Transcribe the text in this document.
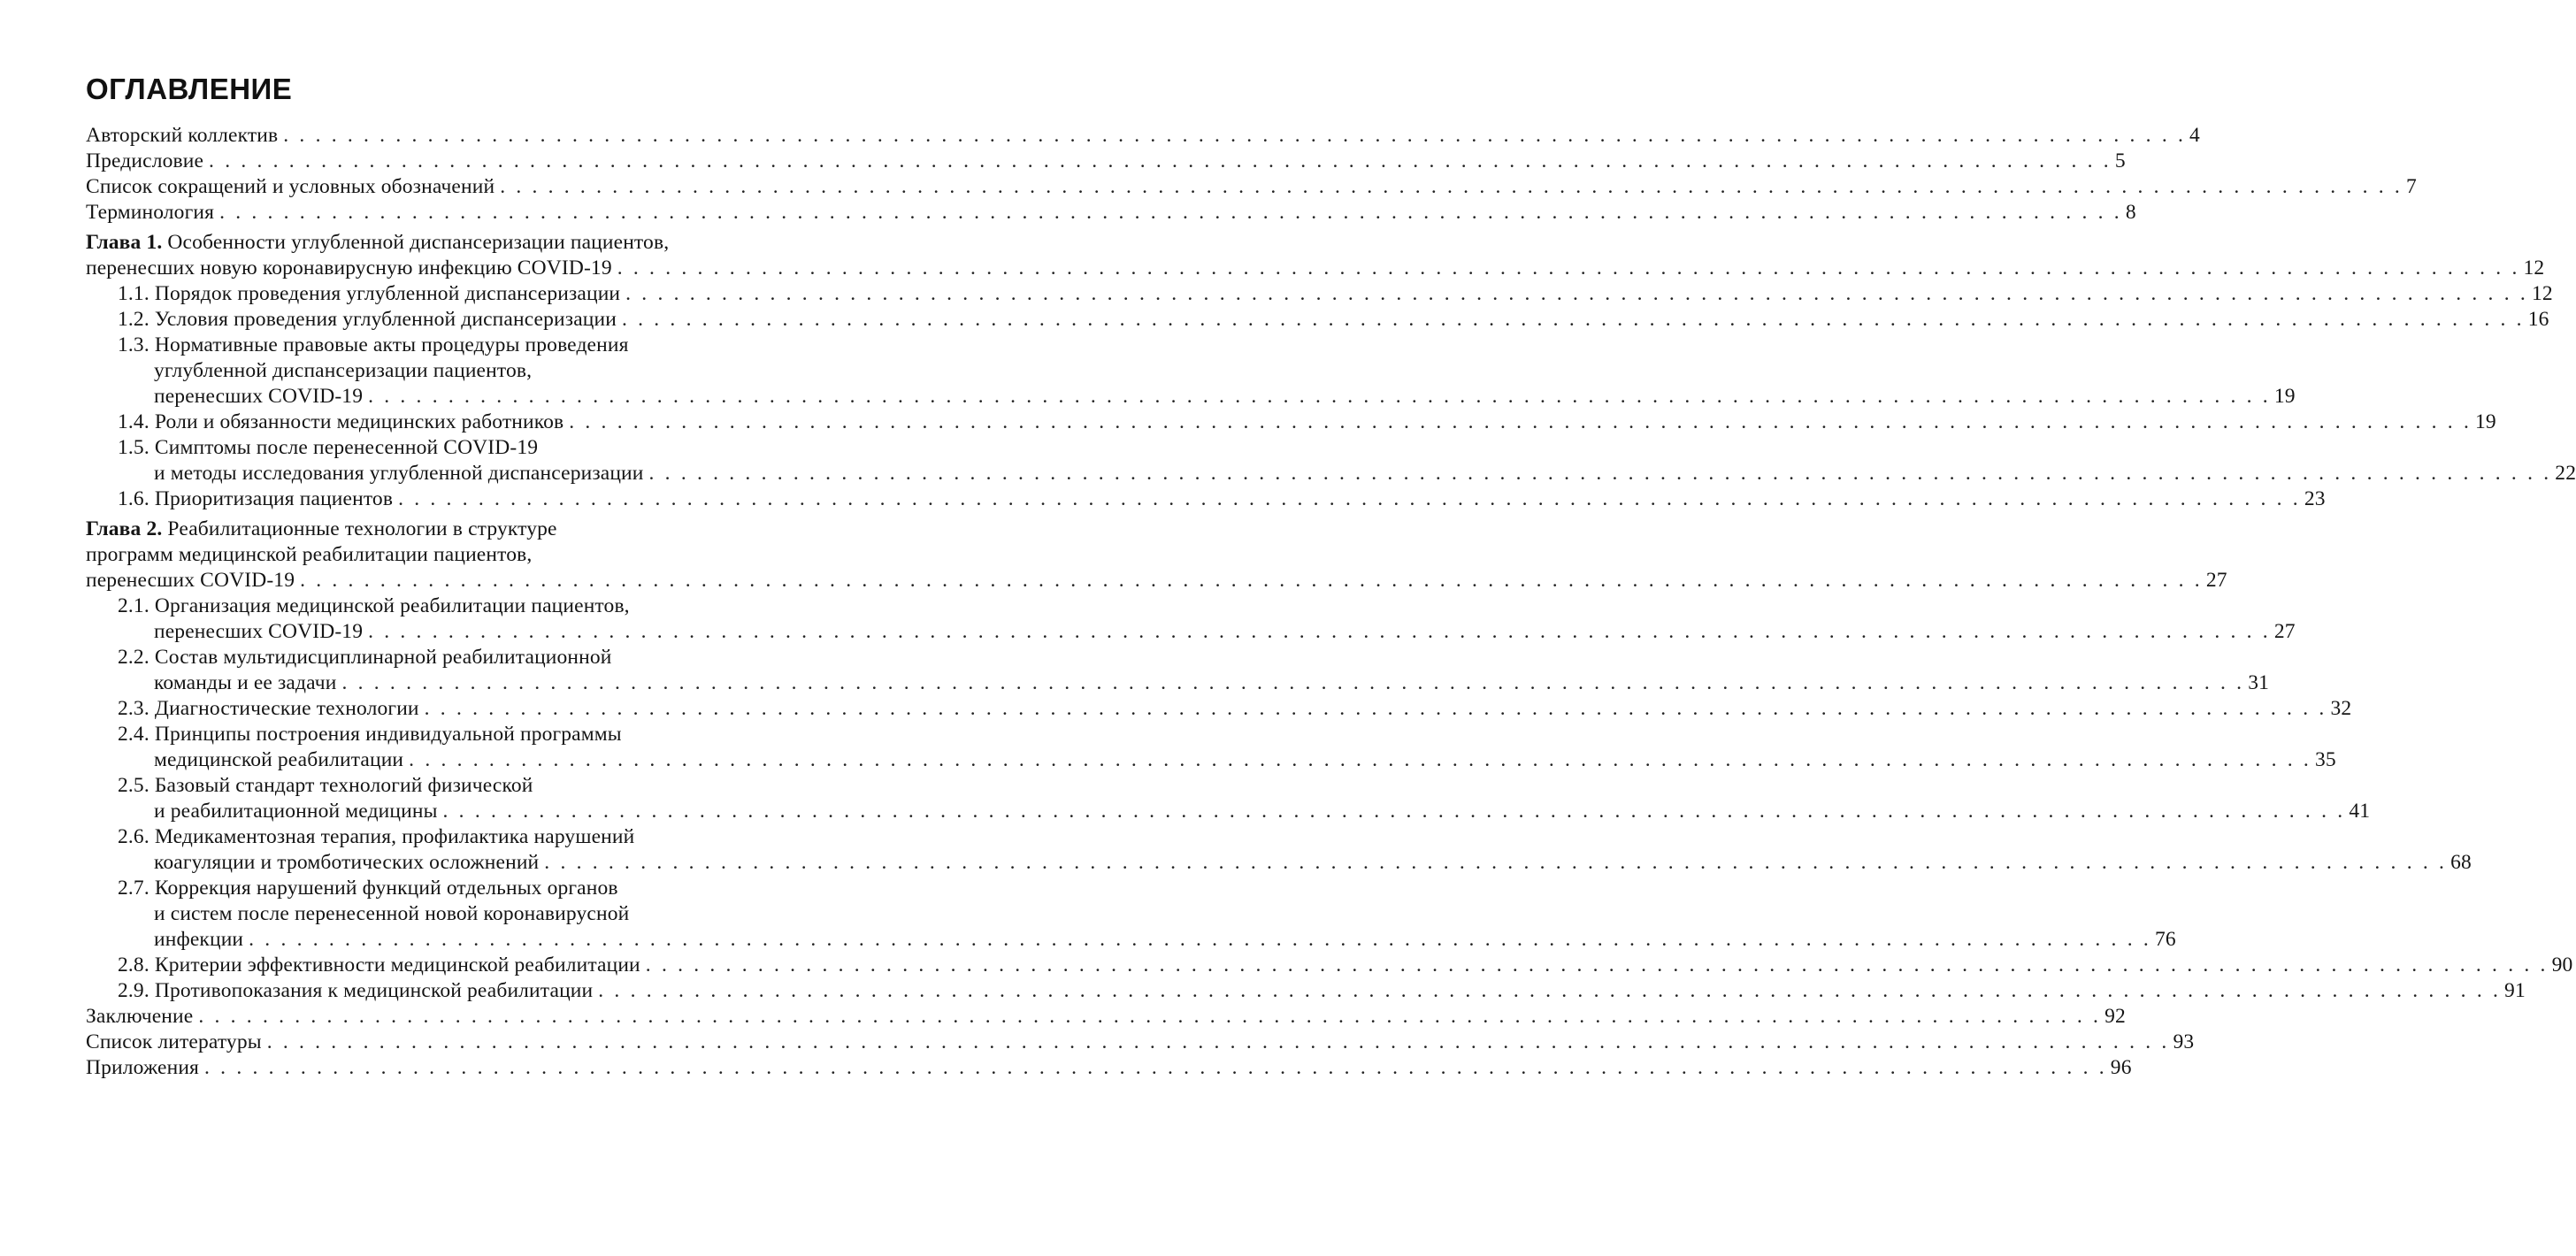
ОГЛАВЛЕНИЕ
Авторский коллектив . . . . . . . . . . . . . . . . . . . . . . . . . . . . . . . . . . . . . . . . . . . . . . . . . . . . . . . . . . . . . . . . . . . . . . . . . . . . . . . . . . . . . . . . . . . . . . . . . . . . . . . . . . . . . . . . . . . . . . . 4
Предисловие . . . . . . . . . . . . . . . . . . . . . . . . . . . . . . . . . . . . . . . . . . . . . . . . . . . . . . . . . . . . . . . . . . . . . . . . . . . . . . . . . . . . . . . . . . . . . . . . . . . . . . . . . . . . . . . . . . . . . . . 5
Список сокращений и условных обозначений . . . . . . . . . . . . . . . . . . . . . . . . . . . . . . . . . . . . . . . . . . . . . . . . . . . . . . . . . . . . . . . . . . . . . . . . . . . . . . . . . . . . . . . . . . . . . . . . . . . . . . . . . . . . . . . . . . . . . . . 7
Терминология . . . . . . . . . . . . . . . . . . . . . . . . . . . . . . . . . . . . . . . . . . . . . . . . . . . . . . . . . . . . . . . . . . . . . . . . . . . . . . . . . . . . . . . . . . . . . . . . . . . . . . . . . . . . . . . . . . . . . . . 8
Глава 1. Особенности углубленной диспансеризации пациентов,
перенесших новую коронавирусную инфекцию COVID-19 . . . . . . . . . . . . . . . . . . . . . . . . . . . . . . . . . . . . . . . . . . . . . . . . . . . . . . . . . . . . . . . . . . . . . . . . . . . . . . . . . . . . . . . . . . . . . . . . . . . . . . . . . . . . . . . . . . . . . . . 12
1.1. Порядок проведения углубленной диспансеризации . . . . . . . . . . . . . . . . . . . . . . . . . . . . . . . . . . . . . . . . . . . . . . . . . . . . . . . . . . . . . . . . . . . . . . . . . . . . . . . . . . . . . . . . . . . . . . . . . . . . . . . . . . . . . . . . . . . . . . . 12
1.2. Условия проведения углубленной диспансеризации . . . . . . . . . . . . . . . . . . . . . . . . . . . . . . . . . . . . . . . . . . . . . . . . . . . . . . . . . . . . . . . . . . . . . . . . . . . . . . . . . . . . . . . . . . . . . . . . . . . . . . . . . . . . . . . . . . . . . . . 16
1.3. Нормативные правовые акты процедуры проведения
углубленной диспансеризации пациентов,
перенесших COVID-19 . . . . . . . . . . . . . . . . . . . . . . . . . . . . . . . . . . . . . . . . . . . . . . . . . . . . . . . . . . . . . . . . . . . . . . . . . . . . . . . . . . . . . . . . . . . . . . . . . . . . . . . . . . . . . . . . . . . . . . . 19
1.4. Роли и обязанности медицинских работников . . . . . . . . . . . . . . . . . . . . . . . . . . . . . . . . . . . . . . . . . . . . . . . . . . . . . . . . . . . . . . . . . . . . . . . . . . . . . . . . . . . . . . . . . . . . . . . . . . . . . . . . . . . . . . . . . . . . . . . 19
1.5. Симптомы после перенесенной COVID-19
и методы исследования углубленной диспансеризации . . . . . . . . . . . . . . . . . . . . . . . . . . . . . . . . . . . . . . . . . . . . . . . . . . . . . . . . . . . . . . . . . . . . . . . . . . . . . . . . . . . . . . . . . . . . . . . . . . . . . . . . . . . . . . . . . . . . . . . 22
1.6. Приоритизация пациентов . . . . . . . . . . . . . . . . . . . . . . . . . . . . . . . . . . . . . . . . . . . . . . . . . . . . . . . . . . . . . . . . . . . . . . . . . . . . . . . . . . . . . . . . . . . . . . . . . . . . . . . . . . . . . . . . . . . . . . . 23
Глава 2. Реабилитационные технологии в структуре
программ медицинской реабилитации пациентов,
перенесших COVID-19 . . . . . . . . . . . . . . . . . . . . . . . . . . . . . . . . . . . . . . . . . . . . . . . . . . . . . . . . . . . . . . . . . . . . . . . . . . . . . . . . . . . . . . . . . . . . . . . . . . . . . . . . . . . . . . . . . . . . . . . 27
2.1. Организация медицинской реабилитации пациентов,
перенесших COVID-19 . . . . . . . . . . . . . . . . . . . . . . . . . . . . . . . . . . . . . . . . . . . . . . . . . . . . . . . . . . . . . . . . . . . . . . . . . . . . . . . . . . . . . . . . . . . . . . . . . . . . . . . . . . . . . . . . . . . . . . . 27
2.2. Состав мультидисциплинарной реабилитационной
команды и ее задачи . . . . . . . . . . . . . . . . . . . . . . . . . . . . . . . . . . . . . . . . . . . . . . . . . . . . . . . . . . . . . . . . . . . . . . . . . . . . . . . . . . . . . . . . . . . . . . . . . . . . . . . . . . . . . . . . . . . . . . . 31
2.3. Диагностические технологии . . . . . . . . . . . . . . . . . . . . . . . . . . . . . . . . . . . . . . . . . . . . . . . . . . . . . . . . . . . . . . . . . . . . . . . . . . . . . . . . . . . . . . . . . . . . . . . . . . . . . . . . . . . . . . . . . . . . . . . 32
2.4. Принципы построения индивидуальной программы
медицинской реабилитации . . . . . . . . . . . . . . . . . . . . . . . . . . . . . . . . . . . . . . . . . . . . . . . . . . . . . . . . . . . . . . . . . . . . . . . . . . . . . . . . . . . . . . . . . . . . . . . . . . . . . . . . . . . . . . . . . . . . . . . 35
2.5. Базовый стандарт технологий физической
и реабилитационной медицины . . . . . . . . . . . . . . . . . . . . . . . . . . . . . . . . . . . . . . . . . . . . . . . . . . . . . . . . . . . . . . . . . . . . . . . . . . . . . . . . . . . . . . . . . . . . . . . . . . . . . . . . . . . . . . . . . . . . . . . 41
2.6. Медикаментозная терапия, профилактика нарушений
коагуляции и тромботических осложнений . . . . . . . . . . . . . . . . . . . . . . . . . . . . . . . . . . . . . . . . . . . . . . . . . . . . . . . . . . . . . . . . . . . . . . . . . . . . . . . . . . . . . . . . . . . . . . . . . . . . . . . . . . . . . . . . . . . . . . . 68
2.7. Коррекция нарушений функций отдельных органов
и систем после перенесенной новой коронавирусной
инфекции . . . . . . . . . . . . . . . . . . . . . . . . . . . . . . . . . . . . . . . . . . . . . . . . . . . . . . . . . . . . . . . . . . . . . . . . . . . . . . . . . . . . . . . . . . . . . . . . . . . . . . . . . . . . . . . . . . . . . . . 76
2.8. Критерии эффективности медицинской реабилитации . . . . . . . . . . . . . . . . . . . . . . . . . . . . . . . . . . . . . . . . . . . . . . . . . . . . . . . . . . . . . . . . . . . . . . . . . . . . . . . . . . . . . . . . . . . . . . . . . . . . . . . . . . . . . . . . . . . . . . . 90
2.9. Противопоказания к медицинской реабилитации . . . . . . . . . . . . . . . . . . . . . . . . . . . . . . . . . . . . . . . . . . . . . . . . . . . . . . . . . . . . . . . . . . . . . . . . . . . . . . . . . . . . . . . . . . . . . . . . . . . . . . . . . . . . . . . . . . . . . . . 91
Заключение . . . . . . . . . . . . . . . . . . . . . . . . . . . . . . . . . . . . . . . . . . . . . . . . . . . . . . . . . . . . . . . . . . . . . . . . . . . . . . . . . . . . . . . . . . . . . . . . . . . . . . . . . . . . . . . . . . . . . . . 92
Список литературы . . . . . . . . . . . . . . . . . . . . . . . . . . . . . . . . . . . . . . . . . . . . . . . . . . . . . . . . . . . . . . . . . . . . . . . . . . . . . . . . . . . . . . . . . . . . . . . . . . . . . . . . . . . . . . . . . . . . . . . 93
Приложения . . . . . . . . . . . . . . . . . . . . . . . . . . . . . . . . . . . . . . . . . . . . . . . . . . . . . . . . . . . . . . . . . . . . . . . . . . . . . . . . . . . . . . . . . . . . . . . . . . . . . . . . . . . . . . . . . . . . . . . 96
